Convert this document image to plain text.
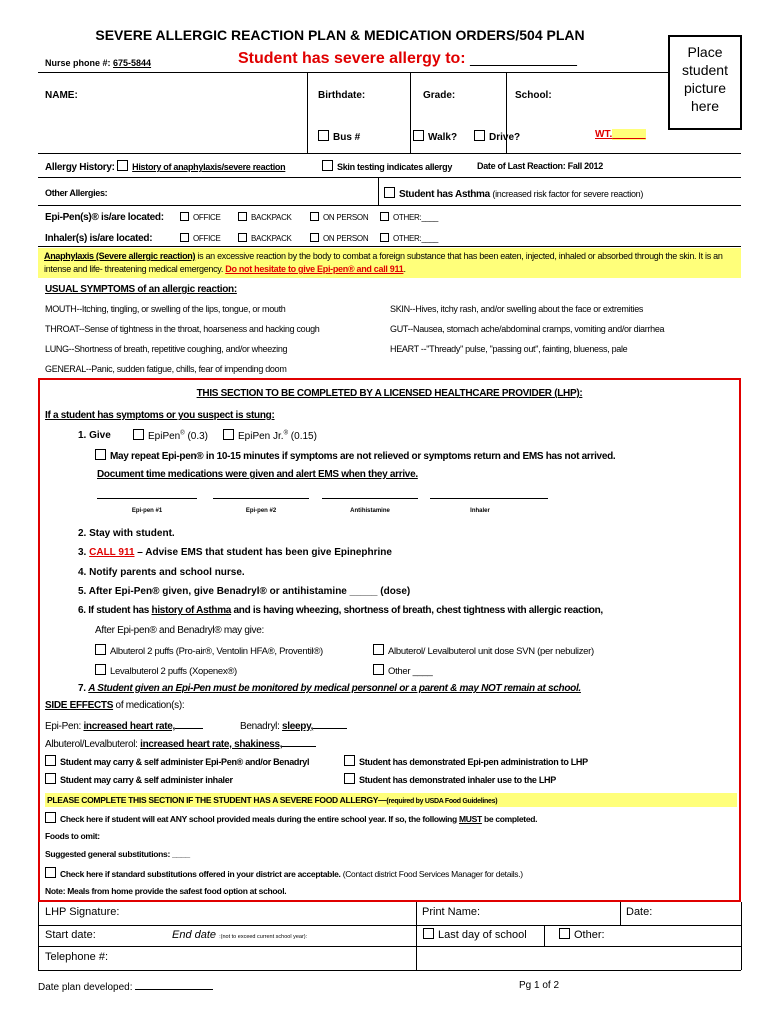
SEVERE ALLERGIC REACTION PLAN & MEDICATION ORDERS/504 PLAN
Nurse phone #: 675-5844	Student has severe allergy to: ____________	Place student picture here
NAME:	Birthdate:	Grade:	School:
Bus #	Walk?	Drive?	WT.______
Allergy History: History of anaphylaxis/severe reaction	Skin testing indicates allergy	Date of Last Reaction: Fall 2012
Other Allergies:	Student has Asthma (increased risk factor for severe reaction)
Epi-Pen(s)® is/are located:	OFFICE	BACKPACK	ON PERSON	OTHER:____
Inhaler(s) is/are located:	OFFICE	BACKPACK	ON PERSON	OTHER:____
Anaphylaxis (Severe allergic reaction) is an excessive reaction by the body to combat a foreign substance that has been eaten, injected, inhaled or absorbed through the skin. It is an intense and life- threatening medical emergency. Do not hesitate to give Epi-pen® and call 911.
USUAL SYMPTOMS of an allergic reaction:
MOUTH--Itching, tingling, or swelling of the lips, tongue, or mouth	SKIN--Hives, itchy rash, and/or swelling about the face or extremities
THROAT--Sense of tightness in the throat, hoarseness and hacking cough	GUT--Nausea, stomach ache/abdominal cramps, vomiting and/or diarrhea
LUNG--Shortness of breath, repetitive coughing, and/or wheezing	HEART --"Thready" pulse, "passing out", fainting, blueness, pale
GENERAL--Panic, sudden fatigue, chills, fear of impending doom
THIS SECTION TO BE COMPLETED BY A LICENSED HEALTHCARE PROVIDER (LHP):
If a student has symptoms or you suspect is stung:
1. Give	EpiPen® (0.3)	EpiPen Jr.® (0.15)
May repeat Epi-pen® in 10-15 minutes if symptoms are not relieved or symptoms return and EMS has not arrived.
Document time medications were given and alert EMS when they arrive.
Epi-pen #1	Epi-pen #2	Antihistamine	Inhaler
2. Stay with student.
3. CALL 911 – Advise EMS that student has been give Epinephrine
4. Notify parents and school nurse.
5. After Epi-Pen® given, give Benadryl® or antihistamine _____ (dose)
6. If student has history of Asthma and is having wheezing, shortness of breath, chest tightness with allergic reaction,
After Epi-pen® and Benadryl® may give:
Albuterol 2 puffs (Pro-air®, Ventolin HFA®, Proventil®)	Albuterol/ Levalbuterol unit dose SVN (per nebulizer)
Levalbuterol 2 puffs (Xopenex®)	Other ____
7. A Student given an Epi-Pen must be monitored by medical personnel or a parent & may NOT remain at school.
SIDE EFFECTS of medication(s):
Epi-Pen: increased heart rate,	Benadryl: sleepy,
Albuterol/Levalbuterol: increased heart rate, shakiness,
Student may carry & self administer Epi-Pen® and/or Benadryl	Student has demonstrated Epi-pen administration to LHP
Student may carry & self administer inhaler	Student has demonstrated inhaler use to the LHP
PLEASE COMPLETE THIS SECTION IF THE STUDENT HAS A SEVERE FOOD ALLERGY—(required by USDA Food Guidelines)
Check here if student will eat ANY school provided meals during the entire school year. If so, the following MUST be completed.
Foods to omit:
Suggested general substitutions: ____
Check here if standard substitutions offered in your district are acceptable. (Contact district Food Services Manager for details.)
Note: Meals from home provide the safest food option at school.
LHP Signature:	Print Name:	Date:
Start date:	End date :(not to exceed current school year):	Last day of school	Other:
Telephone #:
Date plan developed:	Pg 1 of 2
